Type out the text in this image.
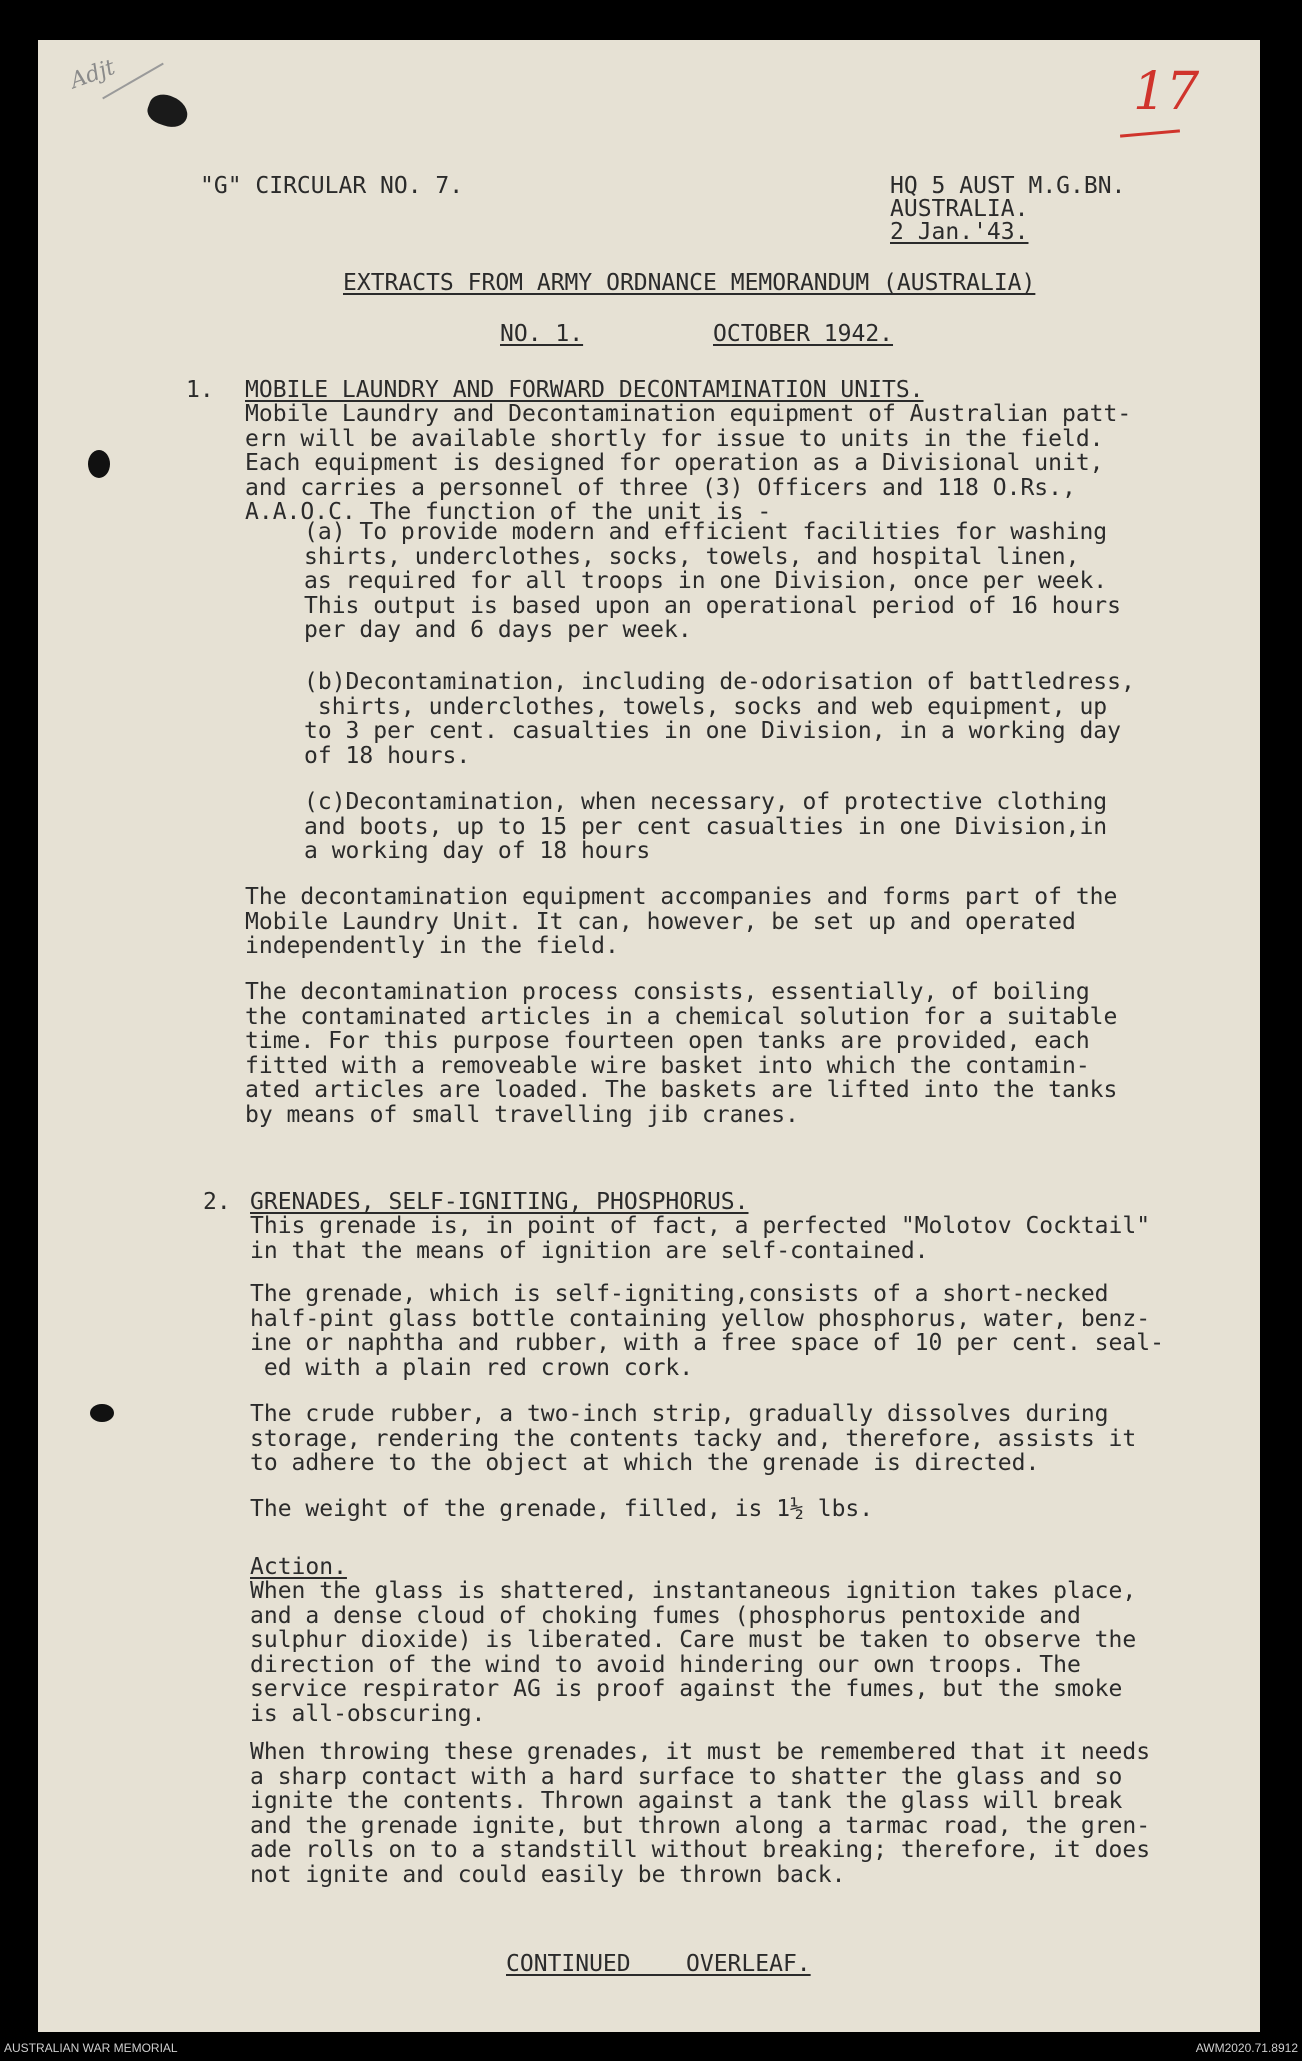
Adjt	17
"G" CIRCULAR NO. 7.	HQ 5 AUST M.G.BN.
AUSTRALIA.
2 Jan.'43.
EXTRACTS FROM ARMY ORDNANCE MEMORANDUM (AUSTRALIA)
NO. 1.	OCTOBER 1942.
1. MOBILE LAUNDRY AND FORWARD DECONTAMINATION UNITS.
Mobile Laundry and Decontamination equipment of Australian patt-
ern will be available shortly for issue to units in the field.
Each equipment is designed for operation as a Divisional unit,
and carries a personnel of three (3) Officers and 118 O.Rs.,
A.A.O.C. The function of the unit is -
(a) To provide modern and efficient facilities for washing
shirts, underclothes, socks, towels, and hospital linen,
as required for all troops in one Division, once per week.
This output is based upon an operational period of 16 hours
per day and 6 days per week.
(b)Decontamination, including de-odorisation of battledress,
shirts, underclothes, towels, socks and web equipment, up
to 3 per cent. casualties in one Division, in a working day
of 18 hours.
(c)Decontamination, when necessary, of protective clothing
and boots, up to 15 per cent casualties in one Division,in
a working day of 18 hours
The decontamination equipment accompanies and forms part of the
Mobile Laundry Unit. It can, however, be set up and operated
independently in the field.
The decontamination process consists, essentially, of boiling
the contaminated articles in a chemical solution for a suitable
time. For this purpose fourteen open tanks are provided, each
fitted with a removeable wire basket into which the contamin-
ated articles are loaded. The baskets are lifted into the tanks
by means of small travelling jib cranes.
2. GRENADES, SELF-IGNITING, PHOSPHORUS.
This grenade is, in point of fact, a perfected "Molotov Cocktail"
in that the means of ignition are self-contained.
The grenade, which is self-igniting,consists of a short-necked
half-pint glass bottle containing yellow phosphorus, water, benz-
ine or naphtha and rubber, with a free space of 10 per cent. seal-
ed with a plain red crown cork.
The crude rubber, a two-inch strip, gradually dissolves during
storage, rendering the contents tacky and, therefore, assists it
to adhere to the object at which the grenade is directed.
The weight of the grenade, filled, is 1½ lbs.
Action.
When the glass is shattered, instantaneous ignition takes place,
and a dense cloud of choking fumes (phosphorus pentoxide and
sulphur dioxide) is liberated. Care must be taken to observe the
direction of the wind to avoid hindering our own troops. The
service respirator AG is proof against the fumes, but the smoke
is all-obscuring.
When throwing these grenades, it must be remembered that it needs
a sharp contact with a hard surface to shatter the glass and so
ignite the contents. Thrown against a tank the glass will break
and the grenade ignite, but thrown along a tarmac road, the gren-
ade rolls on to a standstill without breaking; therefore, it does
not ignite and could easily be thrown back.
CONTINUED    OVERLEAF.
AUSTRALIAN WAR MEMORIAL	AWM2020.71.8912
